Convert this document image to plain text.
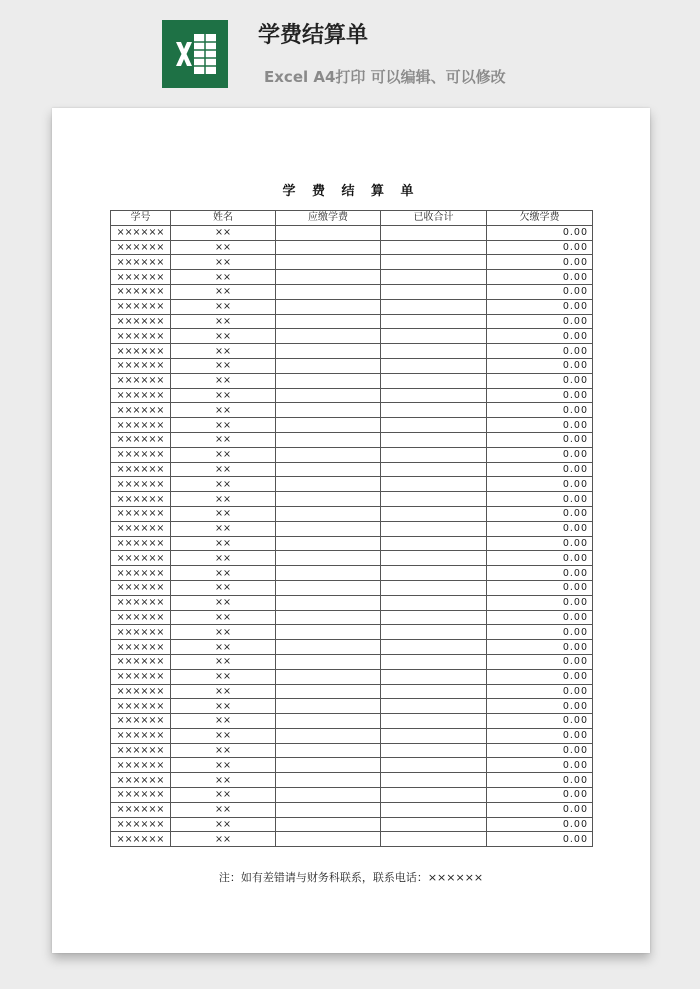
学费结算单
Excel A4打印 可以编辑、可以修改
学 费 结 算 单
学号	姓名	应缴学费	已收合计	欠缴学费
××××××	××			0.00
××××××	××			0.00
××××××	××			0.00
××××××	××			0.00
××××××	××			0.00
××××××	××			0.00
××××××	××			0.00
××××××	××			0.00
××××××	××			0.00
××××××	××			0.00
××××××	××			0.00
××××××	××			0.00
××××××	××			0.00
××××××	××			0.00
××××××	××			0.00
××××××	××			0.00
××××××	××			0.00
××××××	××			0.00
××××××	××			0.00
××××××	××			0.00
××××××	××			0.00
××××××	××			0.00
××××××	××			0.00
××××××	××			0.00
××××××	××			0.00
××××××	××			0.00
××××××	××			0.00
××××××	××			0.00
××××××	××			0.00
××××××	××			0.00
××××××	××			0.00
××××××	××			0.00
××××××	××			0.00
××××××	××			0.00
××××××	××			0.00
××××××	××			0.00
××××××	××			0.00
××××××	××			0.00
××××××	××			0.00
××××××	××			0.00
××××××	××			0.00
××××××	××			0.00
注：如有差错请与财务科联系，联系电话：××××××
